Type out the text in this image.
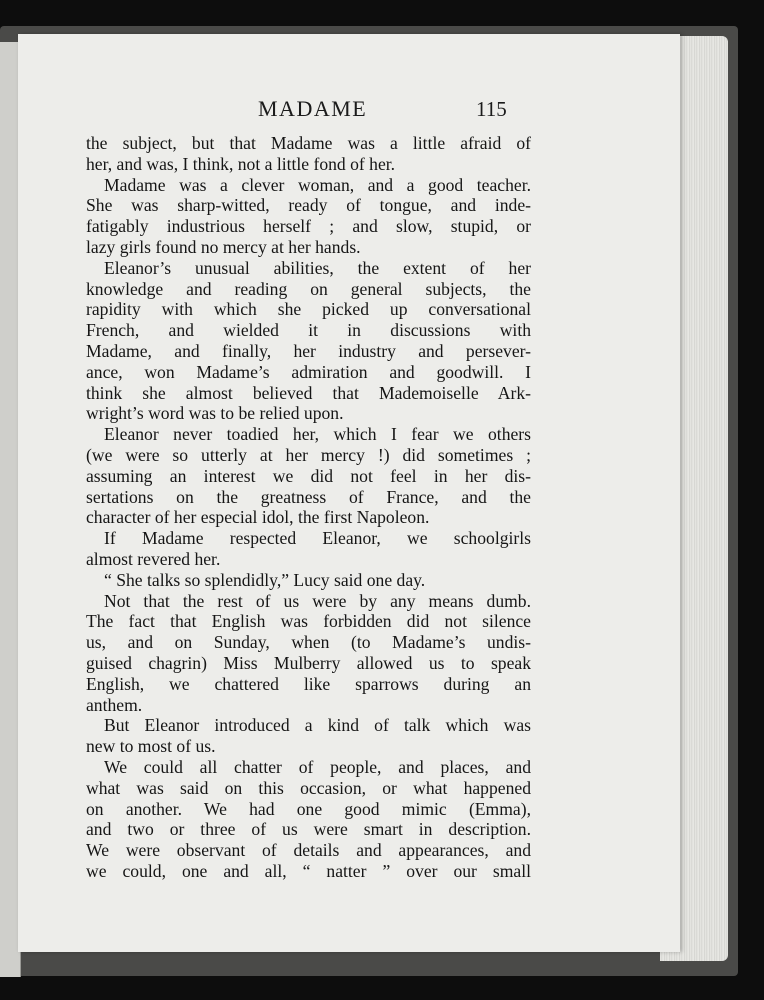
MADAME	115
the subject, but that Madame was a little afraid of
her, and was, I think, not a little fond of her.
Madame was a clever woman, and a good teacher.
She was sharp-witted, ready of tongue, and inde-
fatigably industrious herself ; and slow, stupid, or
lazy girls found no mercy at her hands.
Eleanor’s unusual abilities, the extent of her
knowledge and reading on general subjects, the
rapidity with which she picked up conversational
French, and wielded it in discussions with
Madame, and finally, her industry and persever-
ance, won Madame’s admiration and goodwill. I
think she almost believed that Mademoiselle Ark-
wright’s word was to be relied upon.
Eleanor never toadied her, which I fear we others
(we were so utterly at her mercy !) did sometimes ;
assuming an interest we did not feel in her dis-
sertations on the greatness of France, and the
character of her especial idol, the first Napoleon.
If Madame respected Eleanor, we schoolgirls
almost revered her.
“ She talks so splendidly,” Lucy said one day.
Not that the rest of us were by any means dumb.
The fact that English was forbidden did not silence
us, and on Sunday, when (to Madame’s undis-
guised chagrin) Miss Mulberry allowed us to speak
English, we chattered like sparrows during an
anthem.
But Eleanor introduced a kind of talk which was
new to most of us.
We could all chatter of people, and places, and
what was said on this occasion, or what happened
on another. We had one good mimic (Emma),
and two or three of us were smart in description.
We were observant of details and appearances, and
we could, one and all, “ natter ” over our small
